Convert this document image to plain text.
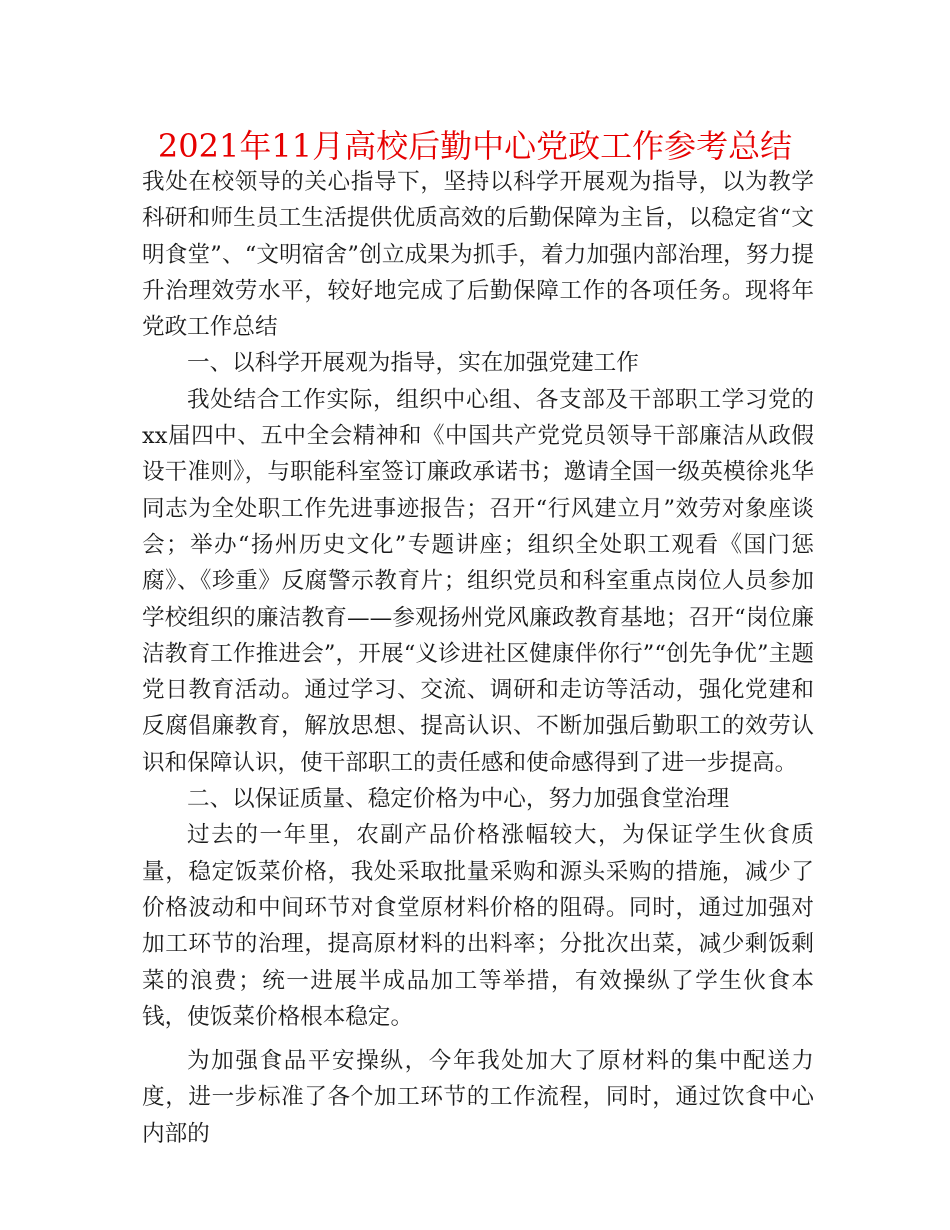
2021年11月高校后勤中心党政工作参考总结

我处在校领导的关心指导下，坚持以科学开展观为指导，以为教学科研和师生员工生活提供优质高效的后勤保障为主旨，以稳定省“文明食堂”、“文明宿舍”创立成果为抓手，着力加强内部治理，努力提升治理效劳水平，较好地完成了后勤保障工作的各项任务。现将年党政工作总结

一、以科学开展观为指导，实在加强党建工作

我处结合工作实际，组织中心组、各支部及干部职工学习党的xx届四中、五中全会精神和《中国共产党党员领导干部廉洁从政假设干准则》，与职能科室签订廉政承诺书；邀请全国一级英模徐兆华同志为全处职工作先进事迹报告；召开“行风建立月”效劳对象座谈会；举办“扬州历史文化”专题讲座；组织全处职工观看《国门惩腐》、《珍重》反腐警示教育片；组织党员和科室重点岗位人员参加学校组织的廉洁教育——参观扬州党风廉政教育基地；召开“岗位廉洁教育工作推进会”，开展“义诊进社区健康伴你行”“创先争优”主题党日教育活动。通过学习、交流、调研和走访等活动，强化党建和反腐倡廉教育，解放思想、提高认识、不断加强后勤职工的效劳认识和保障认识，使干部职工的责任感和使命感得到了进一步提高。

二、以保证质量、稳定价格为中心，努力加强食堂治理

过去的一年里，农副产品价格涨幅较大，为保证学生伙食质量，稳定饭菜价格，我处采取批量采购和源头采购的措施，减少了价格波动和中间环节对食堂原材料价格的阻碍。同时，通过加强对加工环节的治理，提高原材料的出料率；分批次出菜，减少剩饭剩菜的浪费；统一进展半成品加工等举措，有效操纵了学生伙食本钱，使饭菜价格根本稳定。

为加强食品平安操纵，今年我处加大了原材料的集中配送力度，进一步标准了各个加工环节的工作流程，同时，通过饮食中心内部的
